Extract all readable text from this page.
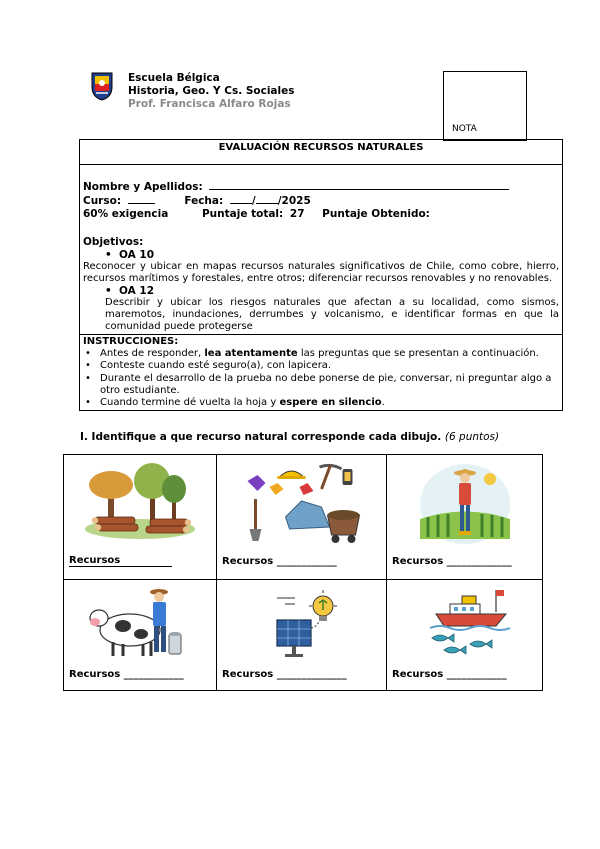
Escuela Bélgica
Historia, Geo. Y Cs. Sociales
Prof. Francisca Alfaro Rojas
NOTA
EVALUACIÓN RECURSOS NATURALES
Nombre y Apellidos:
Curso:	Fecha:	/ /2025
60% exigencia	Puntaje total: 27 Puntaje Obtenido:
Objetivos:
• OA 10
Reconocer y ubicar en mapas recursos naturales significativos de Chile, como cobre, hierro, recursos marítimos y forestales, entre otros; diferenciar recursos renovables y no renovables.
• OA 12
Describir y ubicar los riesgos naturales que afectan a su localidad, como sismos, maremotos, inundaciones, derrumbes y volcanismo, e identificar formas en que la comunidad puede protegerse
INSTRUCCIONES:
• Antes de responder, lea atentamente las preguntas que se presentan a continuación.
• Conteste cuando esté seguro(a), con lapicera.
• Durante el desarrollo de la prueba no debe ponerse de pie, conversar, ni preguntar algo a otro estudiante.
• Cuando termine dé vuelta la hoja y espere en silencio.
I. Identifique a que recurso natural corresponde cada dibujo. (6 puntos)
Recursos	Recursos ____________	Recursos _____________
Recursos ____________	Recursos ______________	Recursos ____________
